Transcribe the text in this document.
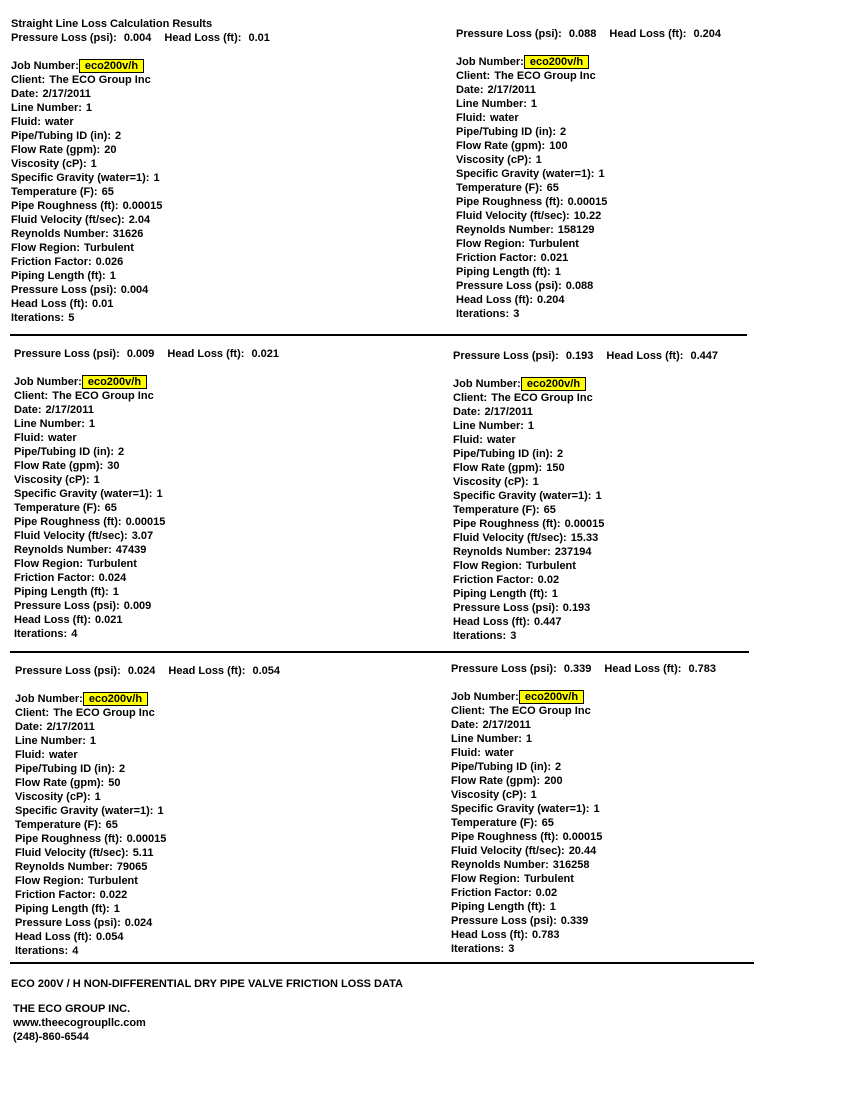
Straight Line Loss Calculation Results
Pressure Loss (psi): 0.004 Head Loss (ft): 0.01
Job Number: eco200v/h
Client: The ECO Group Inc
Date: 2/17/2011
Line Number: 1
Fluid: water
Pipe/Tubing ID (in): 2
Flow Rate (gpm): 20
Viscosity (cP): 1
Specific Gravity (water=1): 1
Temperature (F): 65
Pipe Roughness (ft): 0.00015
Fluid Velocity (ft/sec): 2.04
Reynolds Number: 31626
Flow Region: Turbulent
Friction Factor: 0.026
Piping Length (ft): 1
Pressure Loss (psi): 0.004
Head Loss (ft): 0.01
Iterations: 5
Pressure Loss (psi): 0.088 Head Loss (ft): 0.204
Job Number: eco200v/h
Client: The ECO Group Inc
Date: 2/17/2011
Line Number: 1
Fluid: water
Pipe/Tubing ID (in): 2
Flow Rate (gpm): 100
Viscosity (cP): 1
Specific Gravity (water=1): 1
Temperature (F): 65
Pipe Roughness (ft): 0.00015
Fluid Velocity (ft/sec): 10.22
Reynolds Number: 158129
Flow Region: Turbulent
Friction Factor: 0.021
Piping Length (ft): 1
Pressure Loss (psi): 0.088
Head Loss (ft): 0.204
Iterations: 3
Pressure Loss (psi): 0.009 Head Loss (ft): 0.021
Job Number: eco200v/h
Client: The ECO Group Inc
Date: 2/17/2011
Line Number: 1
Fluid: water
Pipe/Tubing ID (in): 2
Flow Rate (gpm): 30
Viscosity (cP): 1
Specific Gravity (water=1): 1
Temperature (F): 65
Pipe Roughness (ft): 0.00015
Fluid Velocity (ft/sec): 3.07
Reynolds Number: 47439
Flow Region: Turbulent
Friction Factor: 0.024
Piping Length (ft): 1
Pressure Loss (psi): 0.009
Head Loss (ft): 0.021
Iterations: 4
Pressure Loss (psi): 0.193 Head Loss (ft): 0.447
Job Number: eco200v/h
Client: The ECO Group Inc
Date: 2/17/2011
Line Number: 1
Fluid: water
Pipe/Tubing ID (in): 2
Flow Rate (gpm): 150
Viscosity (cP): 1
Specific Gravity (water=1): 1
Temperature (F): 65
Pipe Roughness (ft): 0.00015
Fluid Velocity (ft/sec): 15.33
Reynolds Number: 237194
Flow Region: Turbulent
Friction Factor: 0.02
Piping Length (ft): 1
Pressure Loss (psi): 0.193
Head Loss (ft): 0.447
Iterations: 3
Pressure Loss (psi): 0.024 Head Loss (ft): 0.054
Job Number: eco200v/h
Client: The ECO Group Inc
Date: 2/17/2011
Line Number: 1
Fluid: water
Pipe/Tubing ID (in): 2
Flow Rate (gpm): 50
Viscosity (cP): 1
Specific Gravity (water=1): 1
Temperature (F): 65
Pipe Roughness (ft): 0.00015
Fluid Velocity (ft/sec): 5.11
Reynolds Number: 79065
Flow Region: Turbulent
Friction Factor: 0.022
Piping Length (ft): 1
Pressure Loss (psi): 0.024
Head Loss (ft): 0.054
Iterations: 4
Pressure Loss (psi): 0.339 Head Loss (ft): 0.783
Job Number: eco200v/h
Client: The ECO Group Inc
Date: 2/17/2011
Line Number: 1
Fluid: water
Pipe/Tubing ID (in): 2
Flow Rate (gpm): 200
Viscosity (cP): 1
Specific Gravity (water=1): 1
Temperature (F): 65
Pipe Roughness (ft): 0.00015
Fluid Velocity (ft/sec): 20.44
Reynolds Number: 316258
Flow Region: Turbulent
Friction Factor: 0.02
Piping Length (ft): 1
Pressure Loss (psi): 0.339
Head Loss (ft): 0.783
Iterations: 3
ECO 200V / H NON-DIFFERENTIAL DRY PIPE VALVE FRICTION LOSS DATA
THE ECO GROUP INC.
www.theecogroupllc.com
(248)-860-6544
